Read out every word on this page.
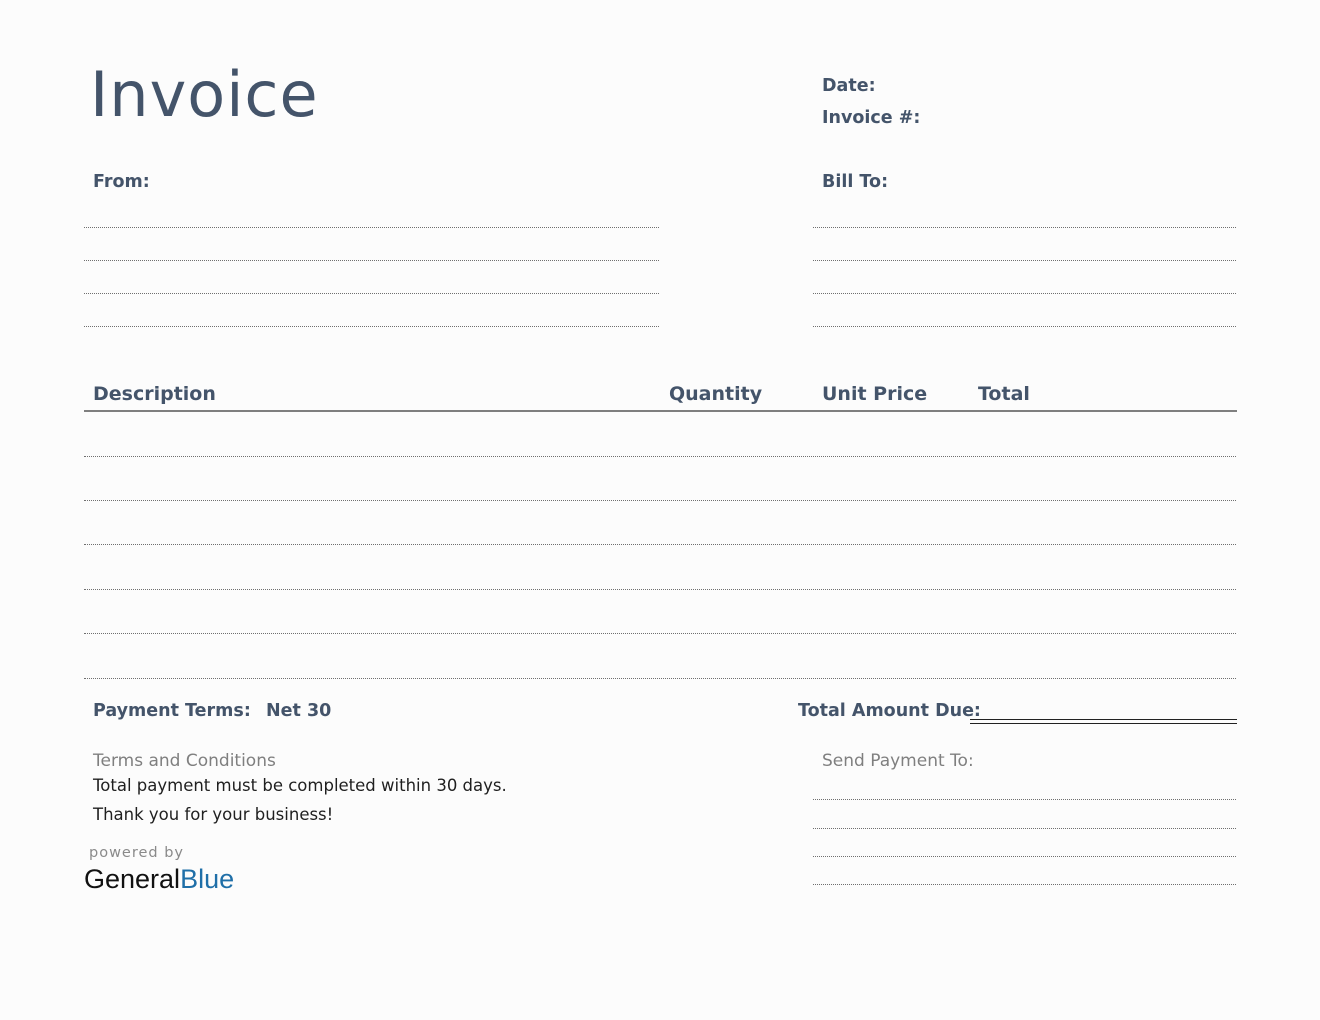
Invoice	Date:
Invoice #:
From:	Bill To:
Description	Quantity	Unit Price	Total
Payment Terms: Net 30	Total Amount Due:
Terms and Conditions
Total payment must be completed within 30 days.
Thank you for your business!
Send Payment To:
powered by
GeneralBlue
